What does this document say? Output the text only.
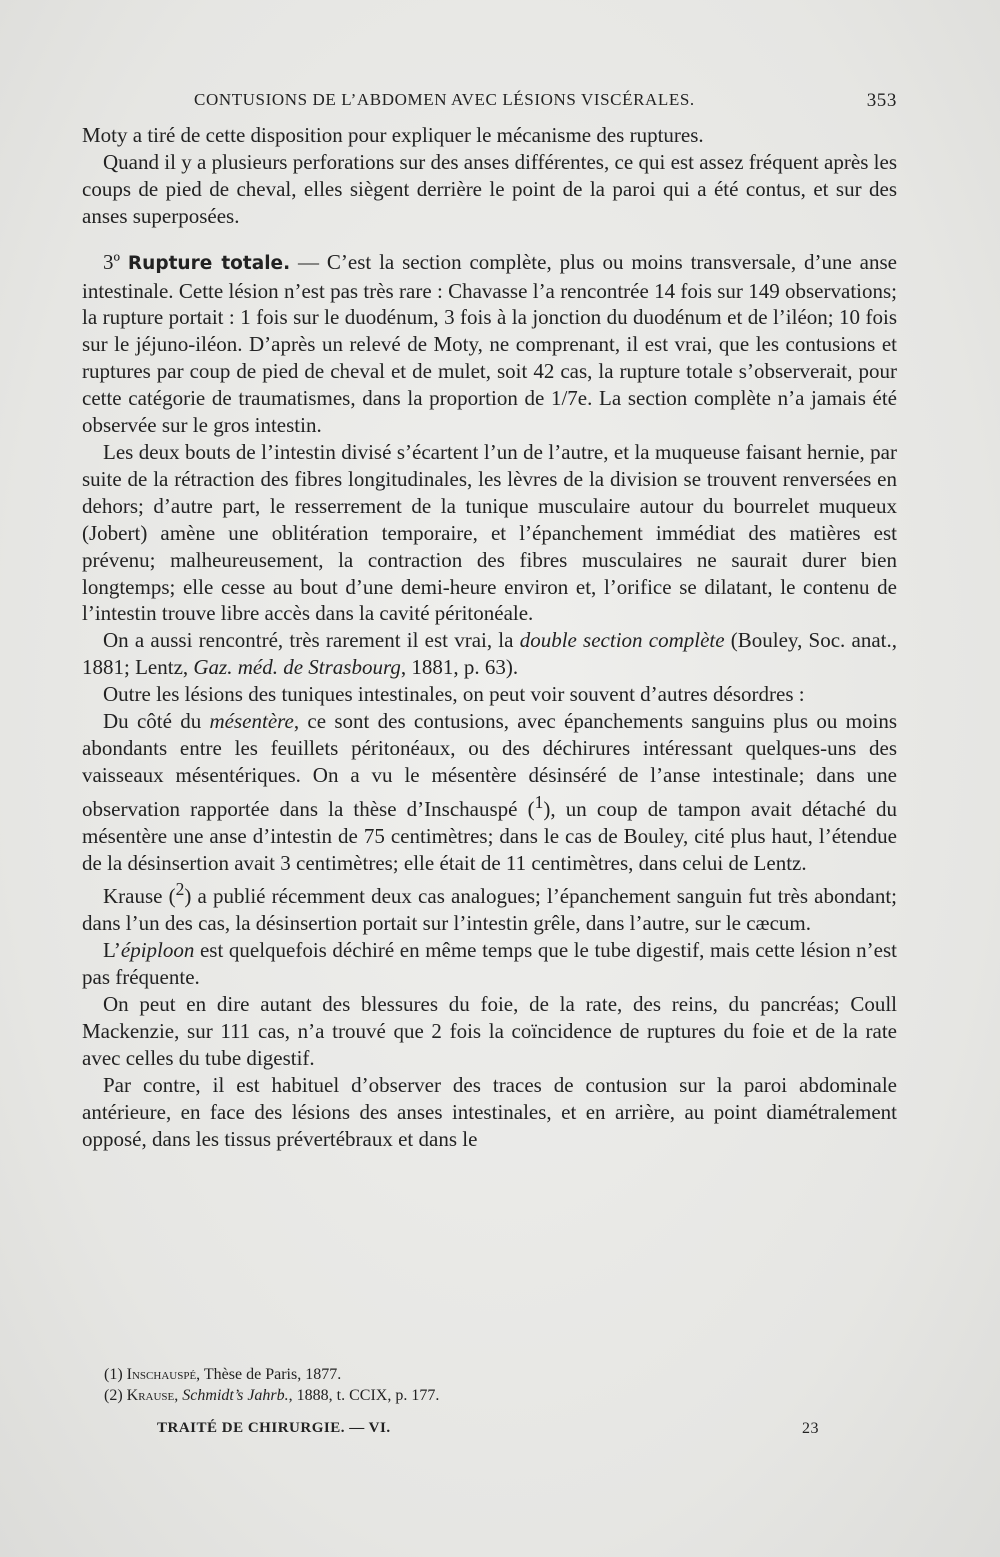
CONTUSIONS DE L’ABDOMEN AVEC LÉSIONS VISCÉRALES.	353

Moty a tiré de cette disposition pour expliquer le mécanisme des ruptures.

Quand il y a plusieurs perforations sur des anses différentes, ce qui est assez fréquent après les coups de pied de cheval, elles siègent derrière le point de la paroi qui a été contus, et sur des anses superposées.

3º Rupture totale. — C’est la section complète, plus ou moins transversale, d’une anse intestinale. Cette lésion n’est pas très rare : Chavasse l’a rencontrée 14 fois sur 149 observations; la rupture portait : 1 fois sur le duodénum, 3 fois à la jonction du duodénum et de l’iléon; 10 fois sur le jéjuno-iléon. D’après un relevé de Moty, ne comprenant, il est vrai, que les contusions et ruptures par coup de pied de cheval et de mulet, soit 42 cas, la rupture totale s’observerait, pour cette catégorie de traumatismes, dans la proportion de 1/7e. La section complète n’a jamais été observée sur le gros intestin.

Les deux bouts de l’intestin divisé s’écartent l’un de l’autre, et la muqueuse faisant hernie, par suite de la rétraction des fibres longitudinales, les lèvres de la division se trouvent renversées en dehors; d’autre part, le resserrement de la tunique musculaire autour du bourrelet muqueux (Jobert) amène une oblitération temporaire, et l’épanchement immédiat des matières est prévenu; malheureusement, la contraction des fibres musculaires ne saurait durer bien longtemps; elle cesse au bout d’une demi-heure environ et, l’orifice se dilatant, le contenu de l’intestin trouve libre accès dans la cavité péritonéale.

On a aussi rencontré, très rarement il est vrai, la double section complète (Bouley, Soc. anat., 1881; Lentz, Gaz. méd. de Strasbourg, 1881, p. 63).

Outre les lésions des tuniques intestinales, on peut voir souvent d’autres désordres :

Du côté du mésentère, ce sont des contusions, avec épanchements sanguins plus ou moins abondants entre les feuillets péritonéaux, ou des déchirures intéressant quelques-uns des vaisseaux mésentériques. On a vu le mésentère désinséré de l’anse intestinale; dans une observation rapportée dans la thèse d’Inschauspé ($^1$), un coup de tampon avait détaché du mésentère une anse d’intestin de 75 centimètres; dans le cas de Bouley, cité plus haut, l’étendue de la désinsertion avait 3 centimètres; elle était de 11 centimètres, dans celui de Lentz.

Krause ($^2$) a publié récemment deux cas analogues; l’épanchement sanguin fut très abondant; dans l’un des cas, la désinsertion portait sur l’intestin grêle, dans l’autre, sur le cæcum.

L’épiploon est quelquefois déchiré en même temps que le tube digestif, mais cette lésion n’est pas fréquente.

On peut en dire autant des blessures du foie, de la rate, des reins, du pancréas; Coull Mackenzie, sur 111 cas, n’a trouvé que 2 fois la coïncidence de ruptures du foie et de la rate avec celles du tube digestif.

Par contre, il est habituel d’observer des traces de contusion sur la paroi abdominale antérieure, en face des lésions des anses intestinales, et en arrière, au point diamétralement opposé, dans les tissus prévertébraux et dans le

(1) Inschauspé, Thèse de Paris, 1877.

(2) Krause, Schmidt’s Jahrb., 1888, t. CCIX, p. 177.

TRAITÉ DE CHIRURGIE. — VI.	23
